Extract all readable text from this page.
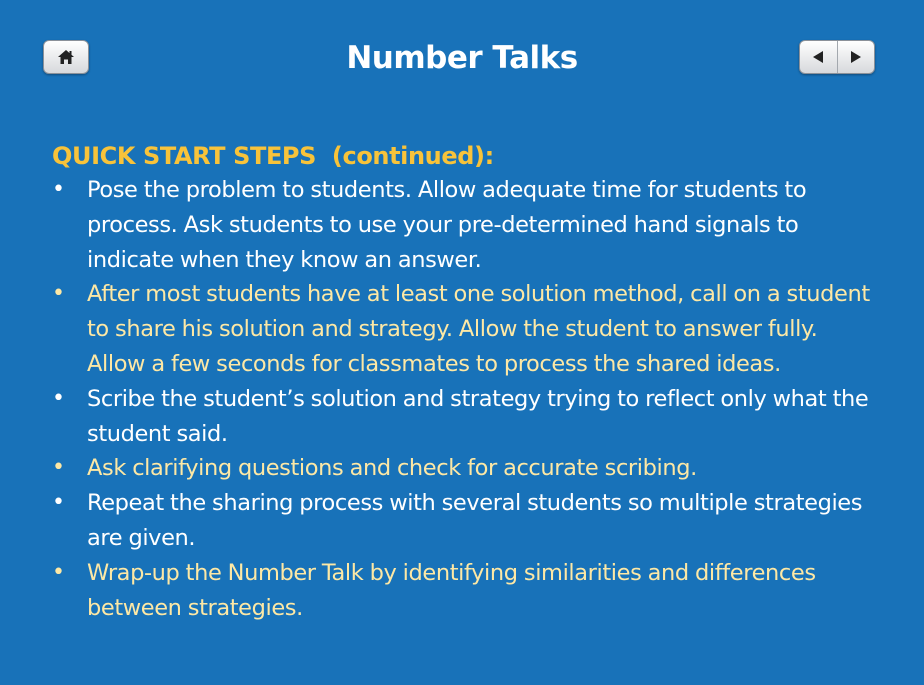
Number Talks
QUICK START STEPS  (continued):
• Pose the problem to students. Allow adequate time for students to process. Ask students to use your pre-determined hand signals to indicate when they know an answer.
• After most students have at least one solution method, call on a student to share his solution and strategy. Allow the student to answer fully. Allow a few seconds for classmates to process the shared ideas.
• Scribe the student’s solution and strategy trying to reflect only what the student said.
• Ask clarifying questions and check for accurate scribing.
• Repeat the sharing process with several students so multiple strategies are given.
• Wrap-up the Number Talk by identifying similarities and differences between strategies.
